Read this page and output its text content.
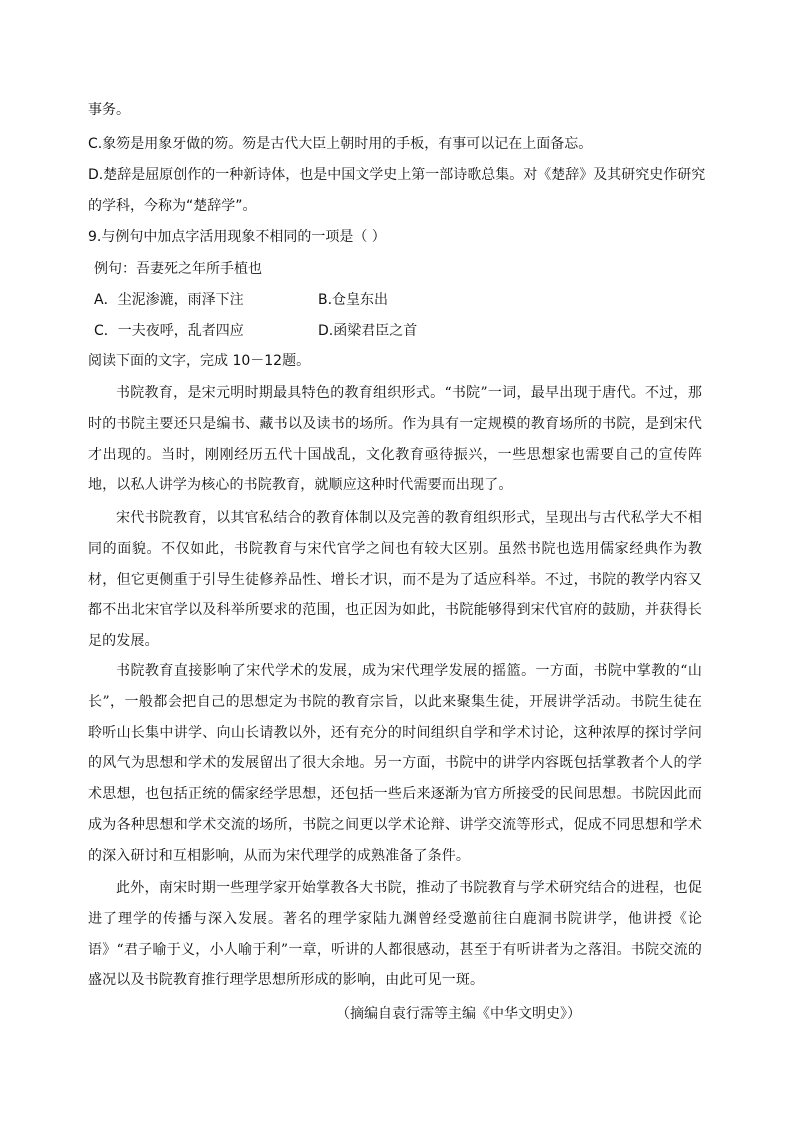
事务。
C.象笏是用象牙做的笏。笏是古代大臣上朝时用的手板，有事可以记在上面备忘。
D.楚辞是屈原创作的一种新诗体，也是中国文学史上第一部诗歌总集。对《楚辞》及其研究史作研究
的学科，今称为“楚辞学”。
9.与例句中加点字活用现象不相同的一项是（ ）
例句：吾妻死之年所手植也
A．尘泥渗漉，雨泽下注	B.仓皇东出
C．一夫夜呼，乱者四应	D.函梁君臣之首
阅读下面的文字，完成 10－12题。

书院教育，是宋元明时期最具特色的教育组织形式。“书院”一词，最早出现于唐代。不过，那时的书院主要还只是编书、藏书以及读书的场所。作为具有一定规模的教育场所的书院，是到宋代才出现的。当时，刚刚经历五代十国战乱，文化教育亟待振兴，一些思想家也需要自己的宣传阵地，以私人讲学为核心的书院教育，就顺应这种时代需要而出现了。

宋代书院教育，以其官私结合的教育体制以及完善的教育组织形式，呈现出与古代私学大不相同的面貌。不仅如此，书院教育与宋代官学之间也有较大区别。虽然书院也选用儒家经典作为教材，但它更侧重于引导生徒修养品性、增长才识，而不是为了适应科举。不过，书院的教学内容又都不出北宋官学以及科举所要求的范围，也正因为如此，书院能够得到宋代官府的鼓励，并获得长足的发展。

书院教育直接影响了宋代学术的发展，成为宋代理学发展的摇篮。一方面，书院中掌教的“山长”，一般都会把自己的思想定为书院的教育宗旨，以此来聚集生徒，开展讲学活动。书院生徒在聆听山长集中讲学、向山长请教以外，还有充分的时间组织自学和学术讨论，这种浓厚的探讨学问的风气为思想和学术的发展留出了很大余地。另一方面，书院中的讲学内容既包括掌教者个人的学术思想，也包括正统的儒家经学思想，还包括一些后来逐渐为官方所接受的民间思想。书院因此而成为各种思想和学术交流的场所，书院之间更以学术论辩、讲学交流等形式，促成不同思想和学术的深入研讨和互相影响，从而为宋代理学的成熟准备了条件。

此外，南宋时期一些理学家开始掌教各大书院，推动了书院教育与学术研究结合的进程，也促进了理学的传播与深入发展。著名的理学家陆九渊曾经受邀前往白鹿洞书院讲学，他讲授《论语》“君子喻于义，小人喻于利”一章，听讲的人都很感动，甚至于有听讲者为之落泪。书院交流的盛况以及书院教育推行理学思想所形成的影响，由此可见一斑。

（摘编自袁行霈等主编《中华文明史》）
